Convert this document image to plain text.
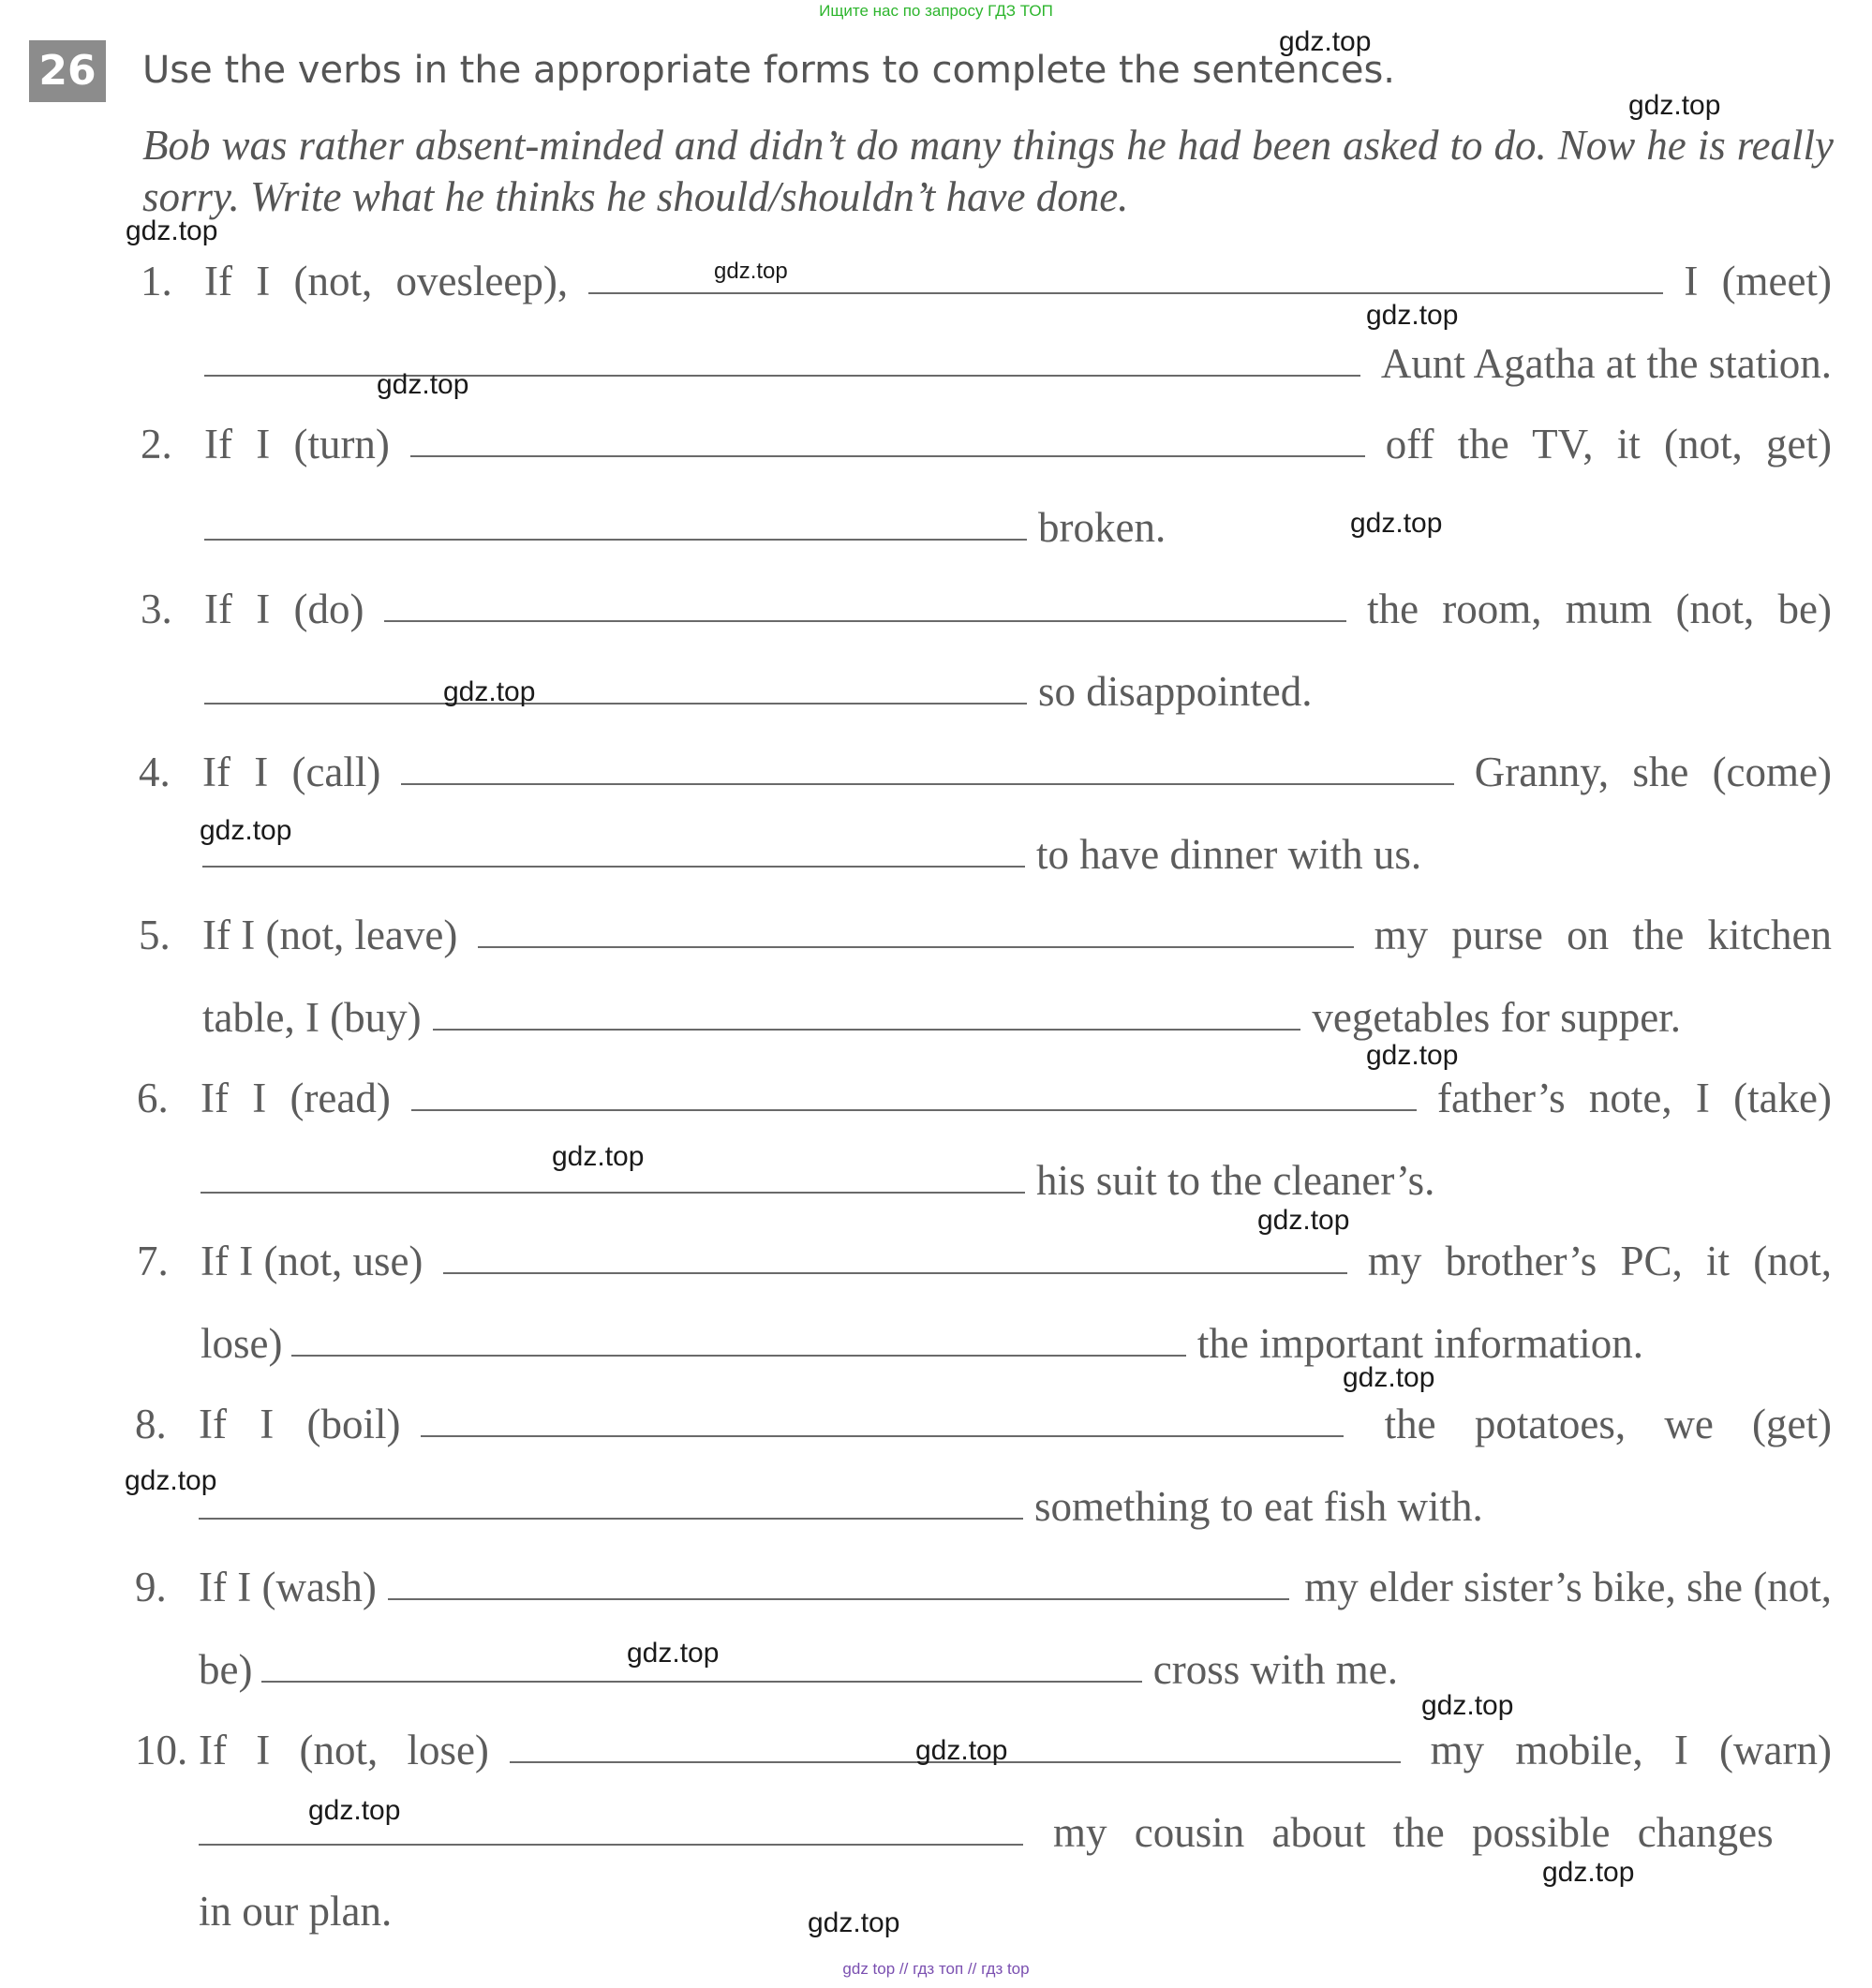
Ищите нас по запросу ГДЗ ТОП
26 Use the verbs in the appropriate forms to complete the sentences.
Bob was rather absent-minded and didn’t do many things he had been asked to do. Now he is really sorry. Write what he thinks he should/shouldn’t have done.
1. If I (not, ovesleep),	I (meet)
Aunt Agatha at the station.
2. If I (turn)	off the TV, it (not, get)
broken.
3. If I (do)	the room, mum (not, be)
so disappointed.
4. If I (call)	Granny, she (come)
to have dinner with us.
5. If I (not, leave)	my purse on the kitchen
table, I (buy)	vegetables for supper.
6. If I (read)	father’s note, I (take)
his suit to the cleaner’s.
7. If I (not, use)	my brother’s PC, it (not,
lose)	the important information.
8. If I (boil)	the potatoes, we (get)
something to eat fish with.
9. If I (wash)	my elder sister’s bike, she (not,
be)	cross with me.
10. If I (not, lose)	my mobile, I (warn)
my cousin about the possible changes
in our plan.
gdz.top
gdz.top
gdz.top
gdz.top
gdz.top
gdz.top
gdz.top
gdz.top
gdz.top
gdz.top
gdz.top
gdz.top
gdz.top
gdz.top
gdz.top
gdz.top
gdz.top
gdz.top
gdz.top
gdz.top
gdz top // гдз топ // гдз top
